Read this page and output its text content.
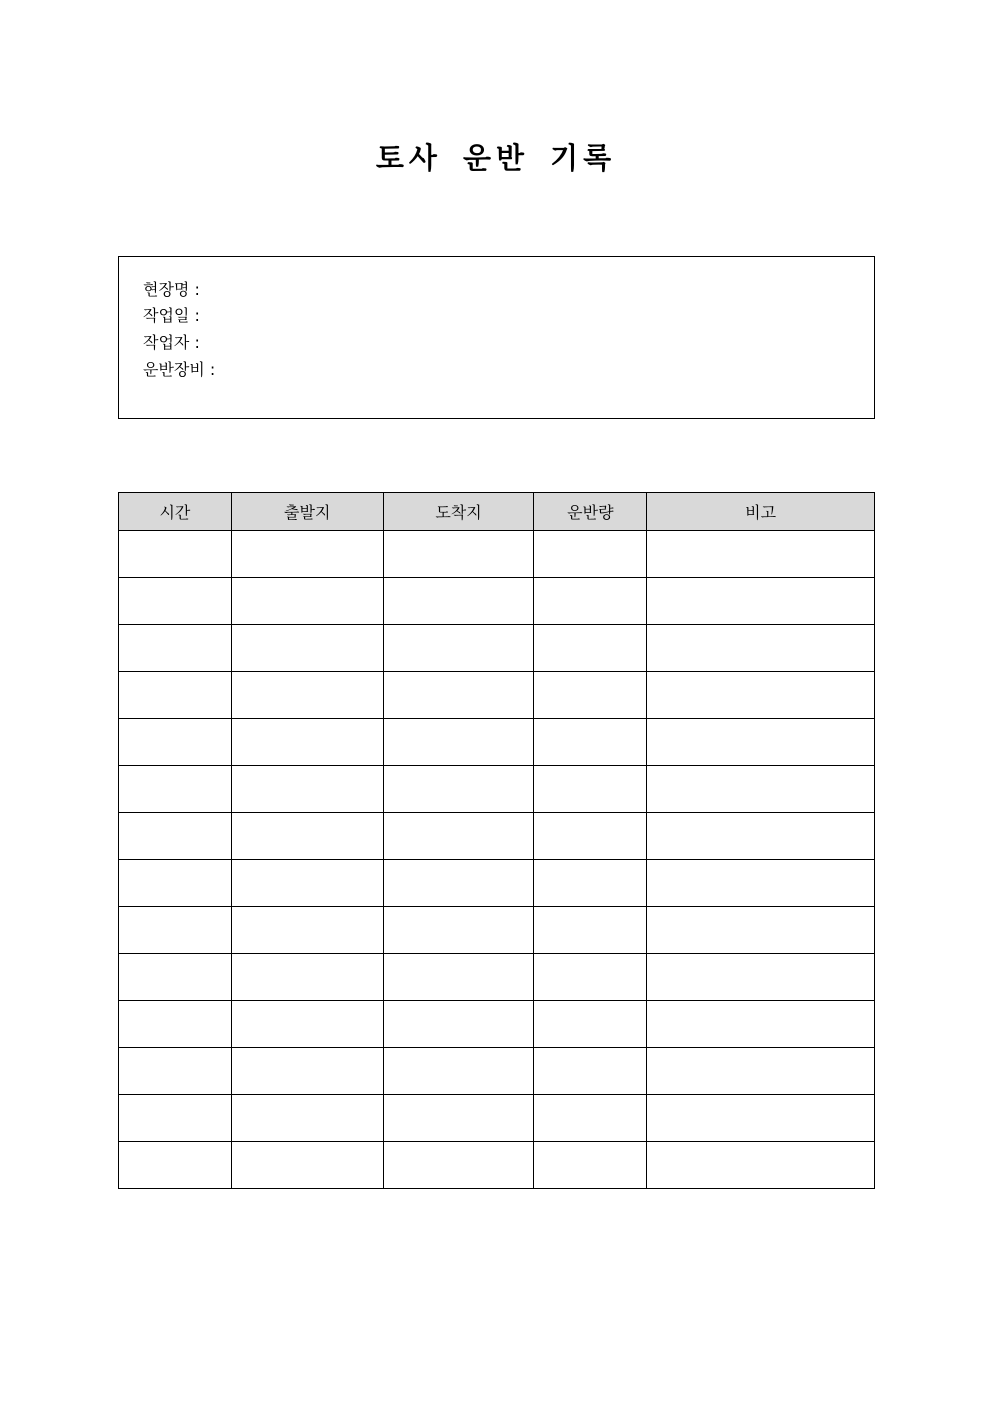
토사 운반 기록
현장명 :
작업일 :
작업자 :
운반장비 :
시간	출발지	도착지	운반량	비고
